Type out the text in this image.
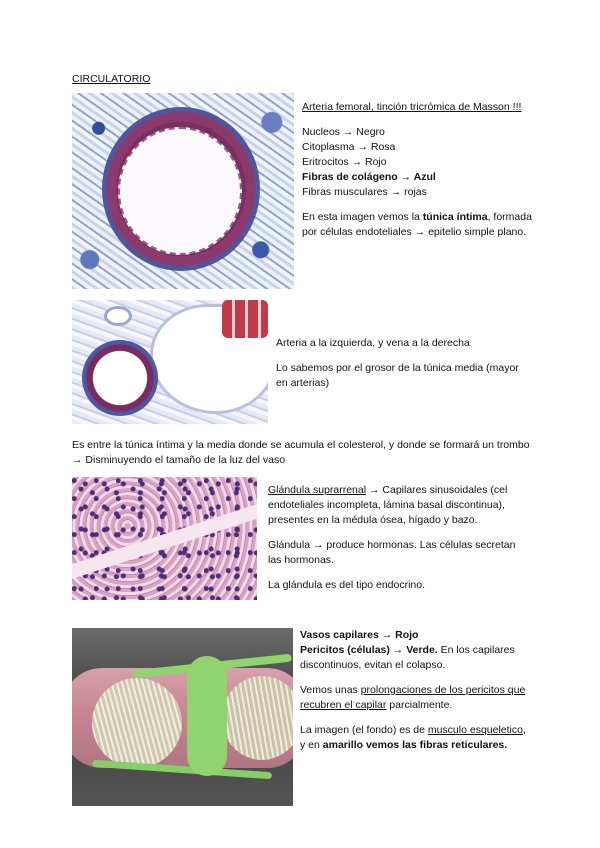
CIRCULATORIO

Arteria femoral, tinción tricrómica de Masson !!!

Nucleos → Negro

Citoplasma → Rosa

Eritrocitos → Rojo

Fibras de colágeno → Azul

Fibras musculares → rojas

En esta imagen vemos la túnica íntima, formada por células endoteliales → epitelio simple plano.

Arteria a la izquierda, y vena a la derecha

Lo sabemos por el grosor de la túnica media (mayor en arterias)

Es entre la túnica íntima y la media donde se acumula el colesterol, y donde se formará un trombo → Disminuyendo el tamaño de la luz del vaso

Glándula suprarrenal → Capilares sinusoidales (cel endoteliales incompleta, lámina basal discontinua), presentes en la médula ósea, hígado y bazo.

Glándula → produce hormonas. Las células secretan las hormonas.

La glándula es del tipo endocrino.

Vasos capilares → Rojo

Pericitos (células) → Verde. En los capilares discontinuos, evitan el colapso.

Vemos unas prolongaciones de los pericitos que recubren el capilar parcialmente.

La imagen (el fondo) es de musculo esqueletico, y en amarillo vemos las fibras reticulares.
